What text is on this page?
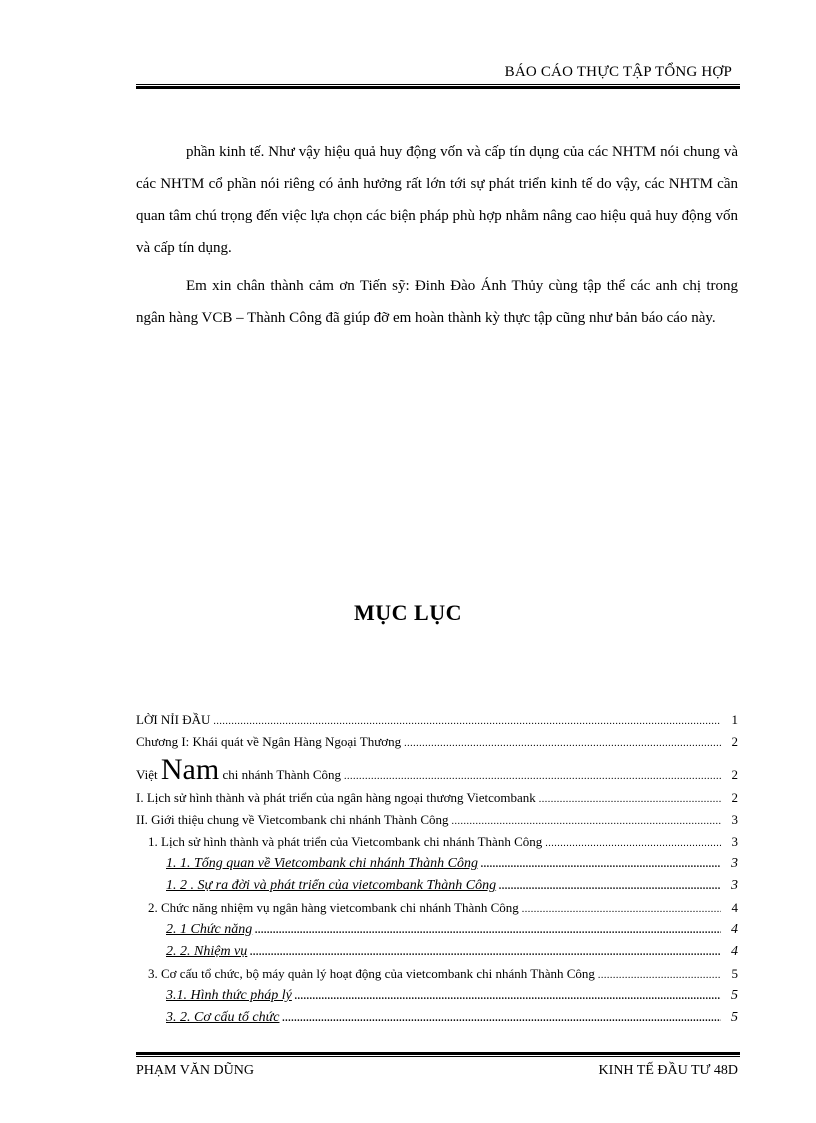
BÁO CÁO THỰC TẬP TỔNG HỢP

phần kinh tế. Như vậy hiệu quả huy động vốn và cấp tín dụng của các NHTM nói chung và các NHTM cổ phần nói riêng có ảnh hưởng rất lớn tới sự phát triển kinh tế do vậy, các NHTM cần quan tâm chú trọng đến việc lựa chọn các biện pháp phù hợp nhằm nâng cao hiệu quả huy động vốn và cấp tín dụng.

Em xin chân thành cảm ơn Tiến sỹ: Đinh Đào Ánh Thủy cùng tập thể các anh chị trong ngân hàng VCB – Thành Công đã giúp đỡ em hoàn thành kỳ thực tập cũng như bản báo cáo này.

MỤC LỤC
LỜI NỈI ĐẦU .....	1
Chương I: Khái quát về Ngân Hàng Ngoại Thương .....	2
Việt Nam chi nhánh Thành Công .....	2
I. Lịch sử hình thành và phát triển của ngân hàng ngoại thương Vietcombank .....	2
II. Giới thiệu chung về Vietcombank chi nhánh Thành Công .....	3
1. Lịch sử hình thành và phát triển của Vietcombank chi nhánh Thành Công .....	3
1. 1. Tổng quan về Vietcombank chi nhánh Thành Công .....	3
1. 2 . Sự ra đời và phát triển của vietcombank Thành Công .....	3
2. Chức năng nhiệm vụ ngân hàng vietcombank chi nhánh Thành Công .....	4
2. 1 Chức năng .....	4
2. 2. Nhiệm vụ .....	4
3. Cơ cấu tổ chức, bộ máy quản lý hoạt động của vietcombank chi nhánh Thành Công .....	5
3.1. Hình thức pháp lý .....	5
3. 2. Cơ cấu tổ chức .....	5
PHẠM VĂN DŨNG	KINH TẾ ĐẦU TƯ 48D
